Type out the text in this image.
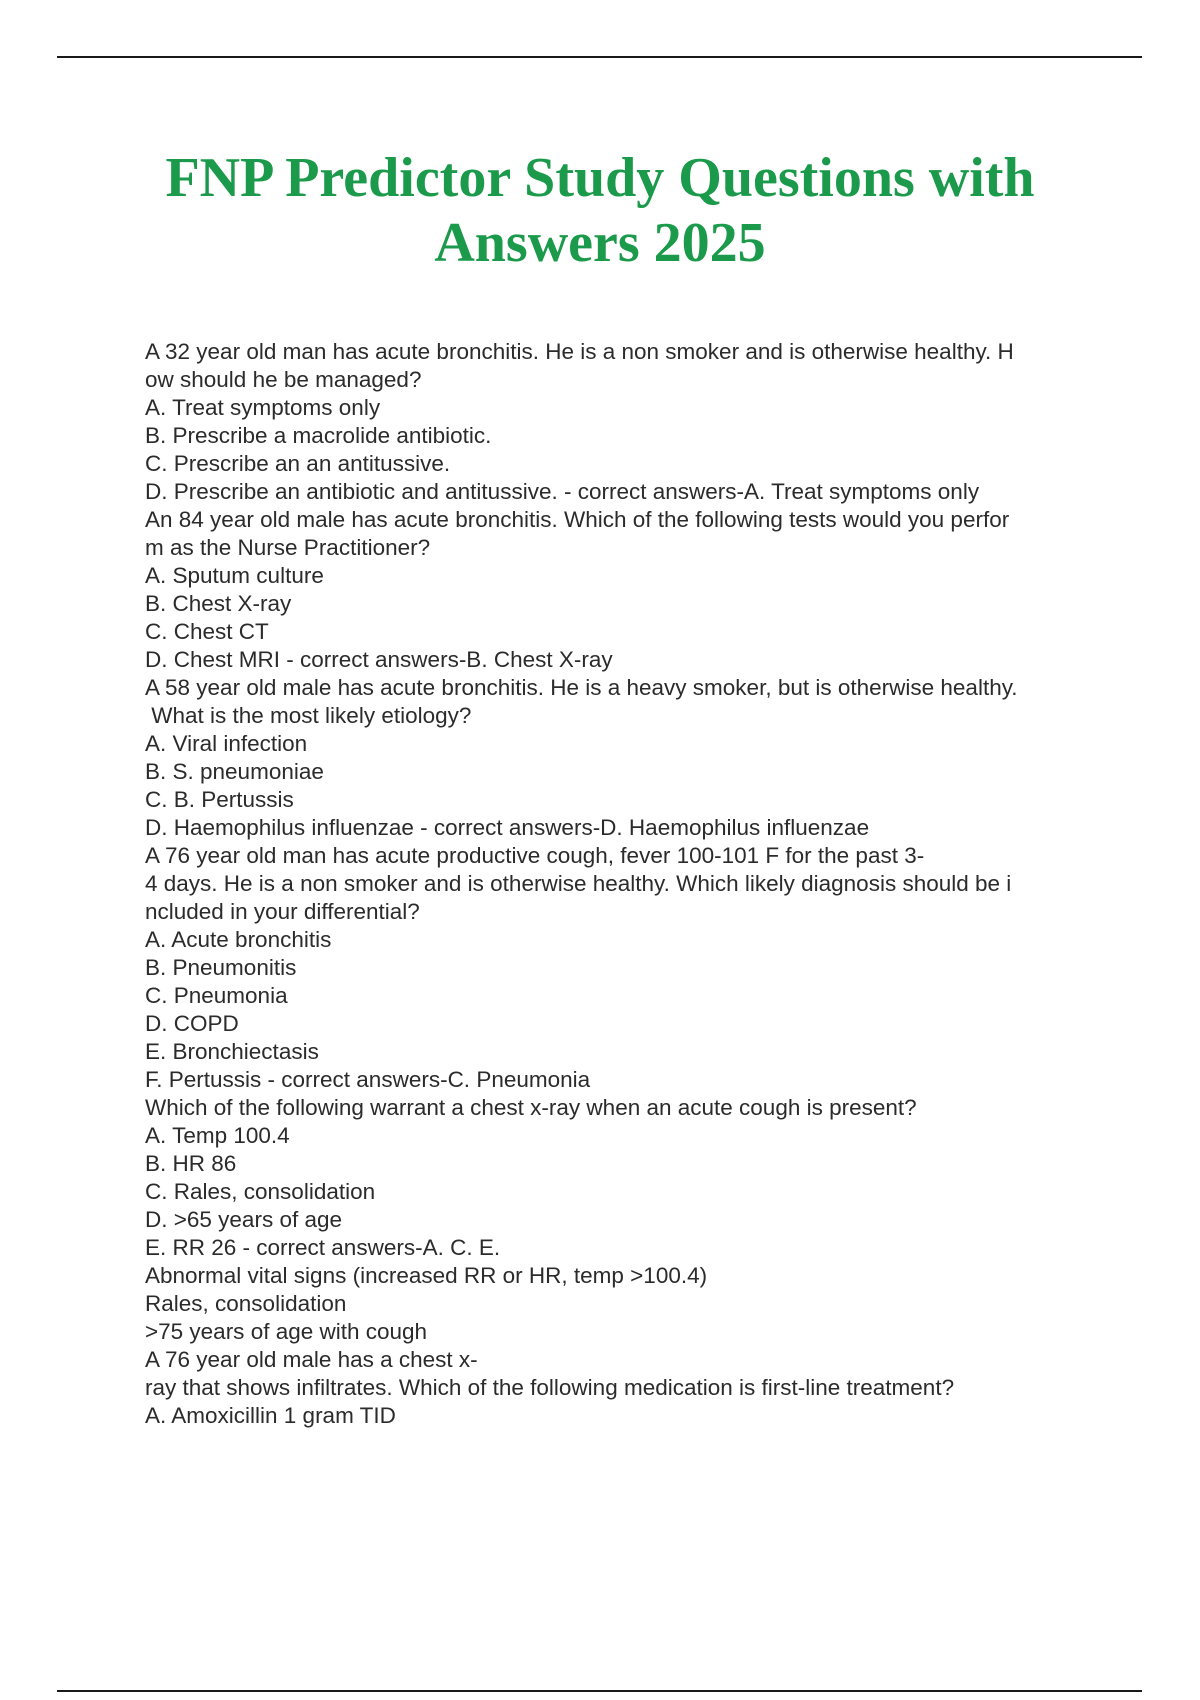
FNP Predictor Study Questions with
Answers 2025
A 32 year old man has acute bronchitis. He is a non smoker and is otherwise healthy. H
ow should he be managed?
A. Treat symptoms only
B. Prescribe a macrolide antibiotic.
C. Prescribe an an antitussive.
D. Prescribe an antibiotic and antitussive. - correct answers-A. Treat symptoms only
An 84 year old male has acute bronchitis. Which of the following tests would you perfor
m as the Nurse Practitioner?
A. Sputum culture
B. Chest X-ray
C. Chest CT
D. Chest MRI - correct answers-B. Chest X-ray
A 58 year old male has acute bronchitis. He is a heavy smoker, but is otherwise healthy.
What is the most likely etiology?
A. Viral infection
B. S. pneumoniae
C. B. Pertussis
D. Haemophilus influenzae - correct answers-D. Haemophilus influenzae
A 76 year old man has acute productive cough, fever 100-101 F for the past 3-
4 days. He is a non smoker and is otherwise healthy. Which likely diagnosis should be i
ncluded in your differential?
A. Acute bronchitis
B. Pneumonitis
C. Pneumonia
D. COPD
E. Bronchiectasis
F. Pertussis - correct answers-C. Pneumonia
Which of the following warrant a chest x-ray when an acute cough is present?
A. Temp 100.4
B. HR 86
C. Rales, consolidation
D. >65 years of age
E. RR 26 - correct answers-A. C. E.
Abnormal vital signs (increased RR or HR, temp >100.4)
Rales, consolidation
>75 years of age with cough
A 76 year old male has a chest x-
ray that shows infiltrates. Which of the following medication is first-line treatment?
A. Amoxicillin 1 gram TID
